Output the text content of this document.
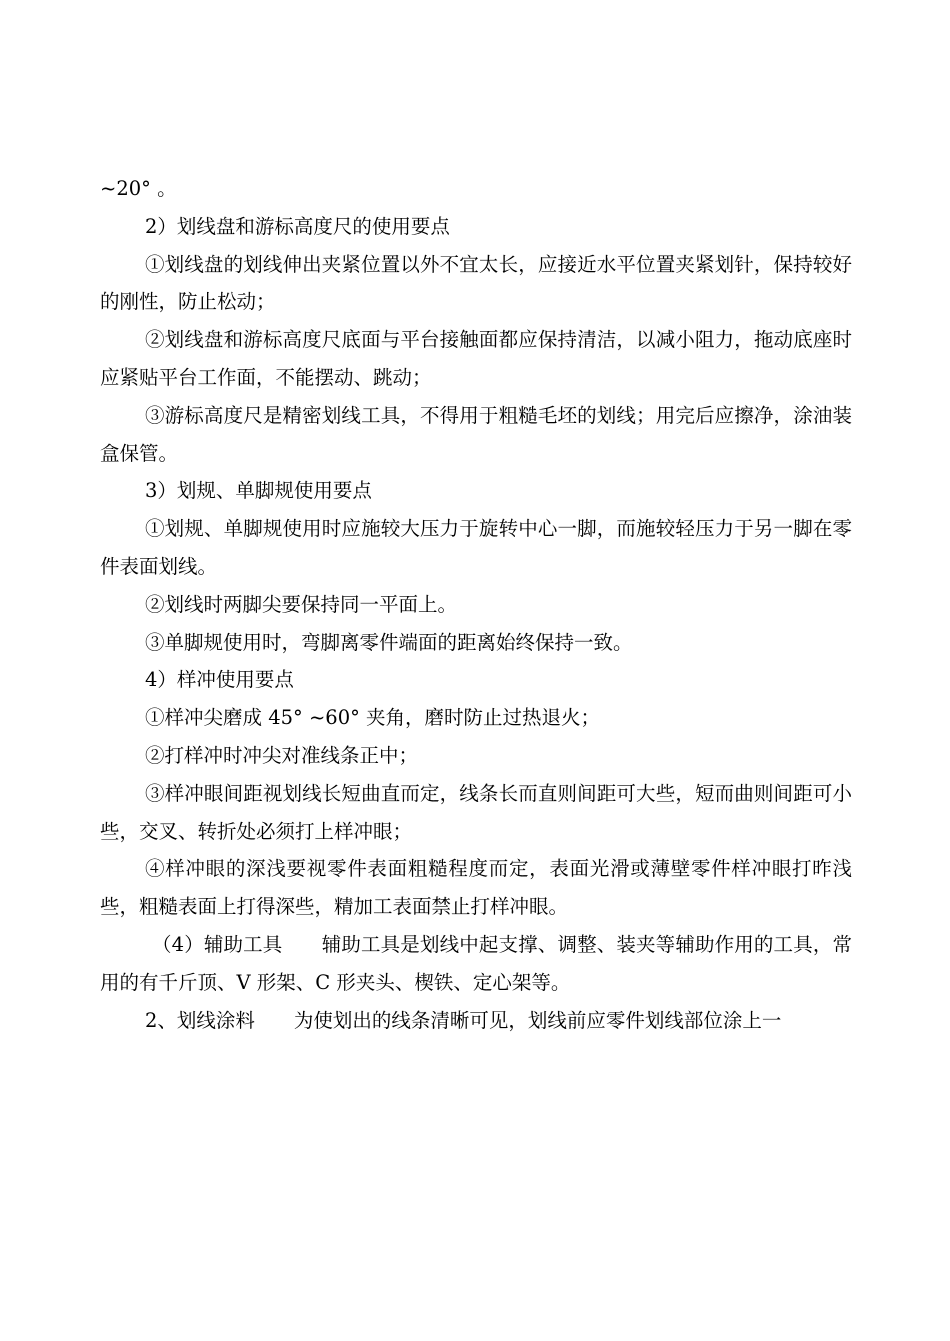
~20° 。

2）划线盘和游标高度尺的使用要点

①划线盘的划线伸出夹紧位置以外不宜太长，应接近水平位置夹紧划针，保持较好的刚性，防止松动；

②划线盘和游标高度尺底面与平台接触面都应保持清洁，以减小阻力，拖动底座时应紧贴平台工作面，不能摆动、跳动；

③游标高度尺是精密划线工具，不得用于粗糙毛坯的划线；用完后应擦净，涂油装盒保管。

3）划规、单脚规使用要点

①划规、单脚规使用时应施较大压力于旋转中心一脚，而施较轻压力于另一脚在零件表面划线。

②划线时两脚尖要保持同一平面上。

③单脚规使用时，弯脚离零件端面的距离始终保持一致。

4）样冲使用要点

①样冲尖磨成 45° ~60° 夹角，磨时防止过热退火；

②打样冲时冲尖对准线条正中；

③样冲眼间距视划线长短曲直而定，线条长而直则间距可大些，短而曲则间距可小些，交叉、转折处必须打上样冲眼；

④样冲眼的深浅要视零件表面粗糙程度而定，表面光滑或薄壁零件样冲眼打昨浅些，粗糙表面上打得深些，精加工表面禁止打样冲眼。

（4）辅助工具　　辅助工具是划线中起支撑、调整、装夹等辅助作用的工具，常用的有千斤顶、V 形架、C 形夹头、楔铁、定心架等。

2、划线涂料　　为使划出的线条清晰可见，划线前应零件划线部位涂上一
